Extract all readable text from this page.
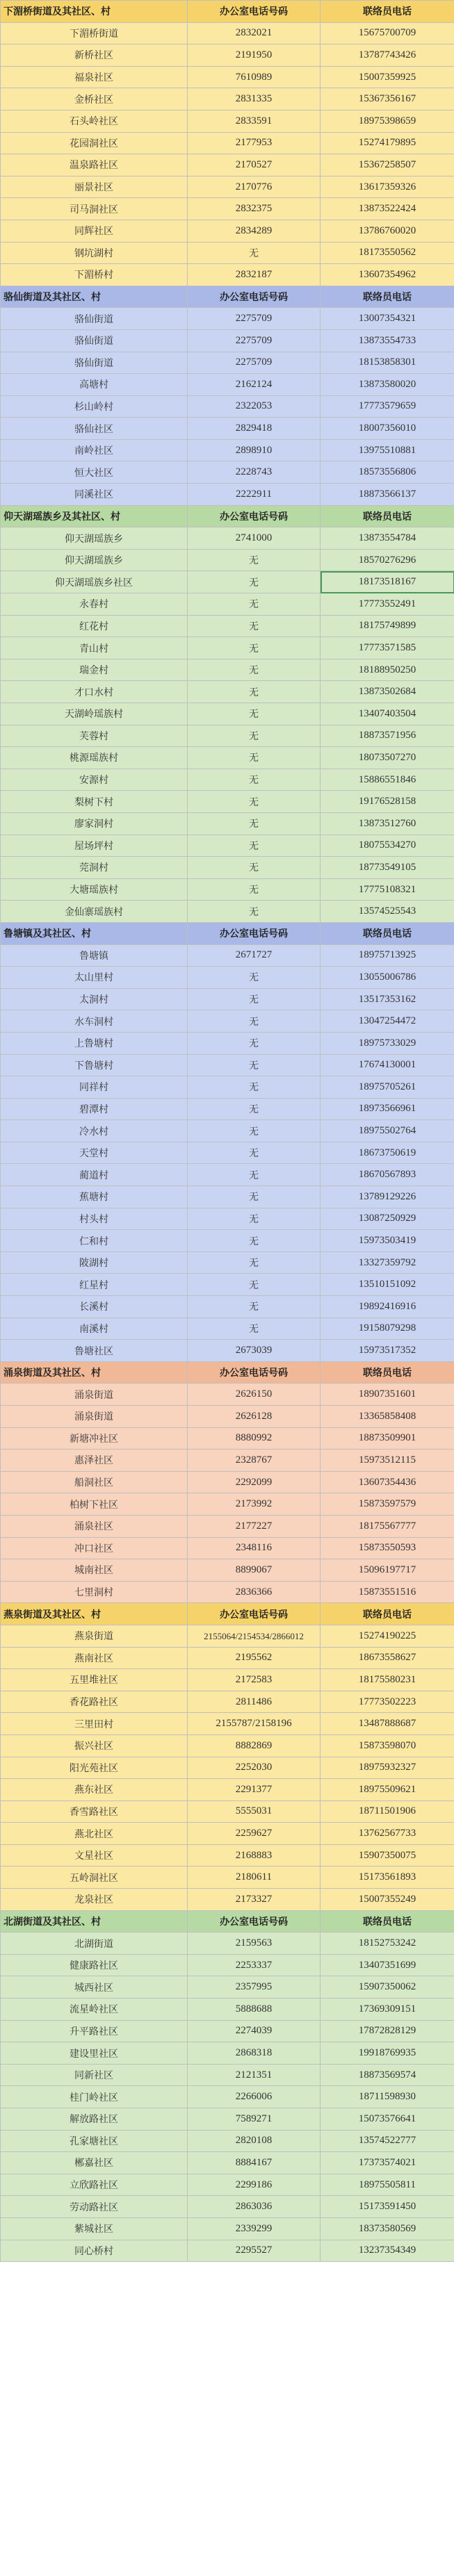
下湄桥街道及其社区、村	办公室电话号码	联络员电话
下湄桥街道	2832021	15675700709
新桥社区	2191950	13787743426
福泉社区	7610989	15007359925
金桥社区	2831335	15367356167
石头岭社区	2833591	18975398659
花园洞社区	2177953	15274179895
温泉路社区	2170527	15367258507
丽景社区	2170776	13617359326
司马洞社区	2832375	13873522424
同辉社区	2834289	13786760020
钢坑湖村	无	18173550562
下湄桥村	2832187	13607354962
骆仙街道及其社区、村	办公室电话号码	联络员电话
骆仙街道	2275709	13007354321
骆仙街道	2275709	13873554733
骆仙街道	2275709	18153858301
高塘村	2162124	13873580020
杉山岭村	2322053	17773579659
骆仙社区	2829418	18007356010
南岭社区	2898910	13975510881
恒大社区	2228743	18573556806
同溪社区	2222911	18873566137
仰天湖瑶族乡及其社区、村	办公室电话号码	联络员电话
仰天湖瑶族乡	2741000	13873554784
仰天湖瑶族乡	无	18570276296
仰天湖瑶族乡社区	无	18173518167
永春村	无	17773552491
红花村	无	18175749899
青山村	无	17773571585
瑞金村	无	18188950250
才口水村	无	13873502684
天湖岭瑶族村	无	13407403504
芙蓉村	无	18873571956
桃源瑶族村	无	18073507270
安源村	无	15886551846
梨树下村	无	19176528158
廖家洞村	无	13873512760
屋场坪村	无	18075534270
莞洞村	无	18773549105
大塘瑶族村	无	17775108321
金仙寨瑶族村	无	13574525543
鲁塘镇及其社区、村	办公室电话号码	联络员电话
鲁塘镇	2671727	18975713925
太山里村	无	13055006786
太洞村	无	13517353162
水车洞村	无	13047254472
上鲁塘村	无	18975733029
下鲁塘村	无	17674130001
同祥村	无	18975705261
碧潭村	无	18973566961
冷水村	无	18975502764
天堂村	无	18673750619
蔺道村	无	18670567893
蕉塘村	无	13789129226
村头村	无	13087250929
仁和村	无	15973503419
陂湖村	无	13327359792
红星村	无	13510151092
长溪村	无	19892416916
南溪村	无	19158079298
鲁塘社区	2673039	15973517352
涌泉街道及其社区、村	办公室电话号码	联络员电话
涌泉街道	2626150	18907351601
涌泉街道	2626128	13365858408
新塘冲社区	8880992	18873509901
惠泽社区	2328767	15973512115
船洞社区	2292099	13607354436
柏树下社区	2173992	15873597579
涌泉社区	2177227	18175567777
冲口社区	2348116	15873550593
城南社区	8899067	15096197717
七里洞村	2836366	15873551516
燕泉街道及其社区、村	办公室电话号码	联络员电话
燕泉街道	2155064/2154534/2866012	15274190225
燕南社区	2195562	18673558627
五里堆社区	2172583	18175580231
香花路社区	2811486	17773502223
三里田村	2155787/2158196	13487888687
振兴社区	8882869	15873598070
阳光苑社区	2252030	18975932327
燕东社区	2291377	18975509621
香雪路社区	5555031	18711501906
燕北社区	2259627	13762567733
文星社区	2168883	15907350075
五岭洞社区	2180611	15173561893
龙泉社区	2173327	15007355249
北湖街道及其社区、村	办公室电话号码	联络员电话
北湖街道	2159563	18152753242
健康路社区	2253337	13407351699
城西社区	2357995	15907350062
流星岭社区	5888688	17369309151
升平路社区	2274039	17872828129
建设里社区	2868318	19918769935
同新社区	2121351	18873569574
桂门岭社区	2266006	18711598930
解放路社区	7589271	15073576641
孔家塘社区	2820108	13574522777
郴嘉社区	8884167	17373574021
立欣路社区	2299186	18975505811
劳动路社区	2863036	15173591450
紫城社区	2339299	18373580569
同心桥村	2295527	13237354349
